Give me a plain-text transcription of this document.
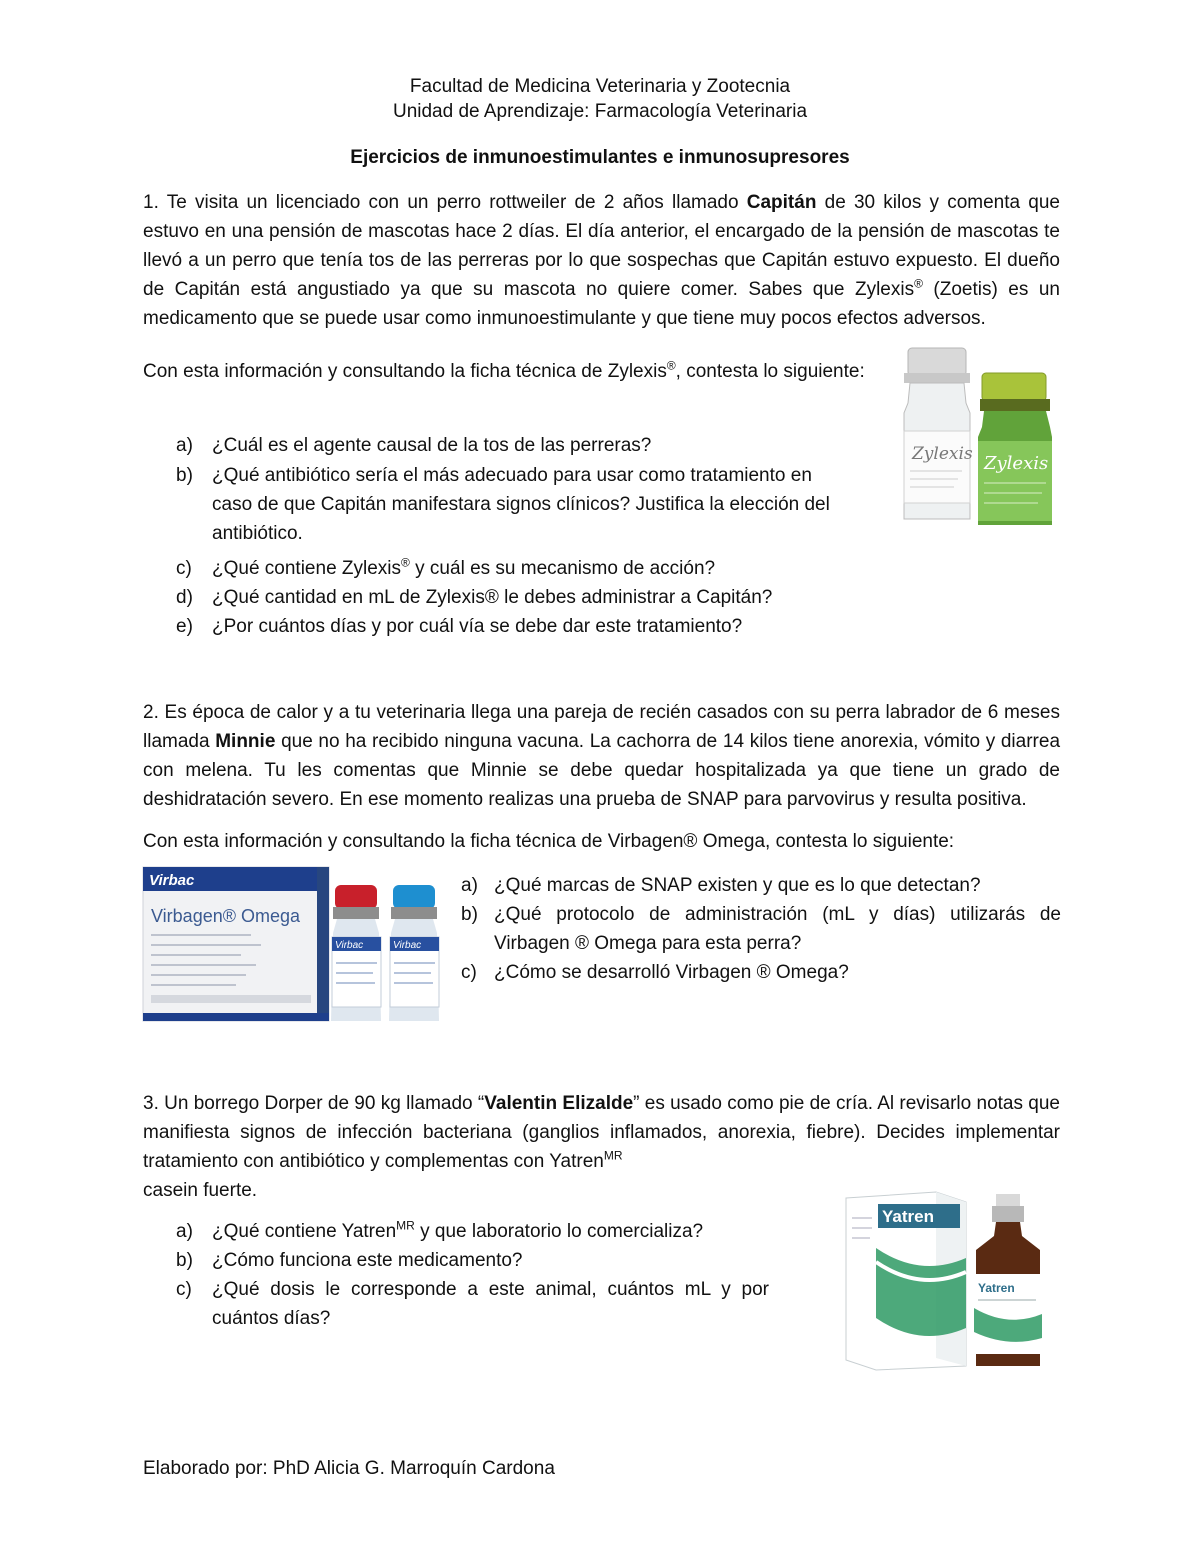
Facultad de Medicina Veterinaria y Zootecnia
Unidad de Aprendizaje: Farmacología Veterinaria
Ejercicios de inmunoestimulantes e inmunosupresores

1. Te visita un licenciado con un perro rottweiler de 2 años llamado Capitán de 30 kilos y comenta que estuvo en una pensión de mascotas hace 2 días. El día anterior, el encargado de la pensión de mascotas te llevó a un perro que tenía tos de las perreras por lo que sospechas que Capitán estuvo expuesto. El dueño de Capitán está angustiado ya que su mascota no quiere comer. Sabes que Zylexis® (Zoetis) es un medicamento que se puede usar como inmunoestimulante y que tiene muy pocos efectos adversos.

Con esta información y consultando la ficha técnica de Zylexis®, contesta lo siguiente:

a) ¿Cuál es el agente causal de la tos de las perreras?
b) ¿Qué antibiótico sería el más adecuado para usar como tratamiento en caso de que Capitán manifestara signos clínicos? Justifica la elección del antibiótico.
c) ¿Qué contiene Zylexis® y cuál es su mecanismo de acción?
d) ¿Qué cantidad en mL de Zylexis® le debes administrar a Capitán?
e) ¿Por cuántos días y por cuál vía se debe dar este tratamiento?
Zylexis Zylexis

2. Es época de calor y a tu veterinaria llega una pareja de recién casados con su perra labrador de 6 meses llamada Minnie que no ha recibido ninguna vacuna. La cachorra de 14 kilos tiene anorexia, vómito y diarrea con melena. Tu les comentas que Minnie se debe quedar hospitalizada ya que tiene un grado de deshidratación severo. En ese momento realizas una prueba de SNAP para parvovirus y resulta positiva.

Con esta información y consultando la ficha técnica de Virbagen® Omega, contesta lo siguiente:

Virbac
Virbagen® Omega
Virbac	Virbac
a) ¿Qué marcas de SNAP existen y que es lo que detectan?
b) ¿Qué protocolo de administración (mL y días) utilizarás de Virbagen ® Omega para esta perra?
c) ¿Cómo se desarrolló Virbagen ® Omega?

3. Un borrego Dorper de 90 kg llamado “Valentin Elizalde” es usado como pie de cría. Al revisarlo notas que manifiesta signos de infección bacteriana (ganglios inflamados, anorexia, fiebre). Decides implementar tratamiento con antibiótico y complementas con Yatren$^{MR}$

casein fuerte.
a) ¿Qué contiene Yatren$^{MR}$ y que laboratorio lo comercializa?
b) ¿Cómo funciona este medicamento?
c) ¿Qué dosis le corresponde a este animal, cuántos mL y por cuántos días?
Yatren
Yatren
Elaborado por: PhD Alicia G. Marroquín Cardona
